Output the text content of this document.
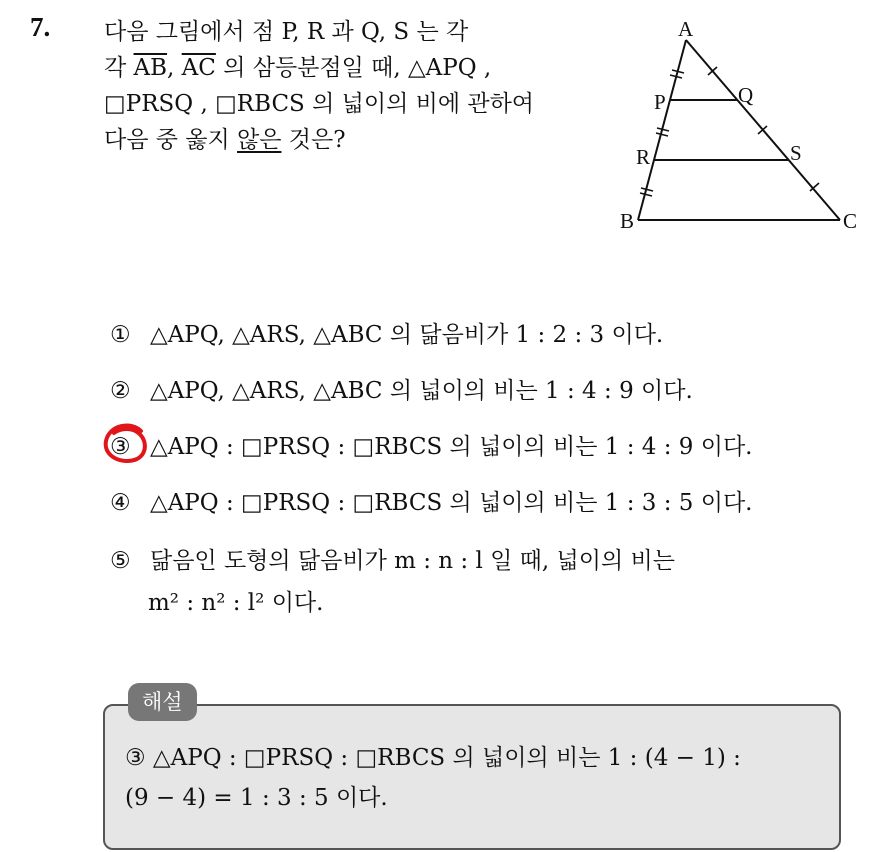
7. 다음 그림에서 점 P, R 과 Q, S 는 각
각 $\overline{AB}$, $\overline{AC}$ 의 삼등분점일 때, △APQ ,
□PRSQ , □RBCS 의 넓이의 비에 관하여
다음 중 옳지 않은 것은?
A
P	Q
R	S
B	C
① △APQ, △ARS, △ABC 의 닮음비가 1 : 2 : 3 이다.
② △APQ, △ARS, △ABC 의 넓이의 비는 1 : 4 : 9 이다.
③ △APQ : □PRSQ : □RBCS 의 넓이의 비는 1 : 4 : 9 이다.
④ △APQ : □PRSQ : □RBCS 의 넓이의 비는 1 : 3 : 5 이다.
⑤ 닮음인 도형의 닮음비가 m : n : l 일 때, 넓이의 비는
m² : n² : l² 이다.
해설
③ △APQ : □PRSQ : □RBCS 의 넓이의 비는 1 : (4 − 1) :
(9 − 4) = 1 : 3 : 5 이다.
